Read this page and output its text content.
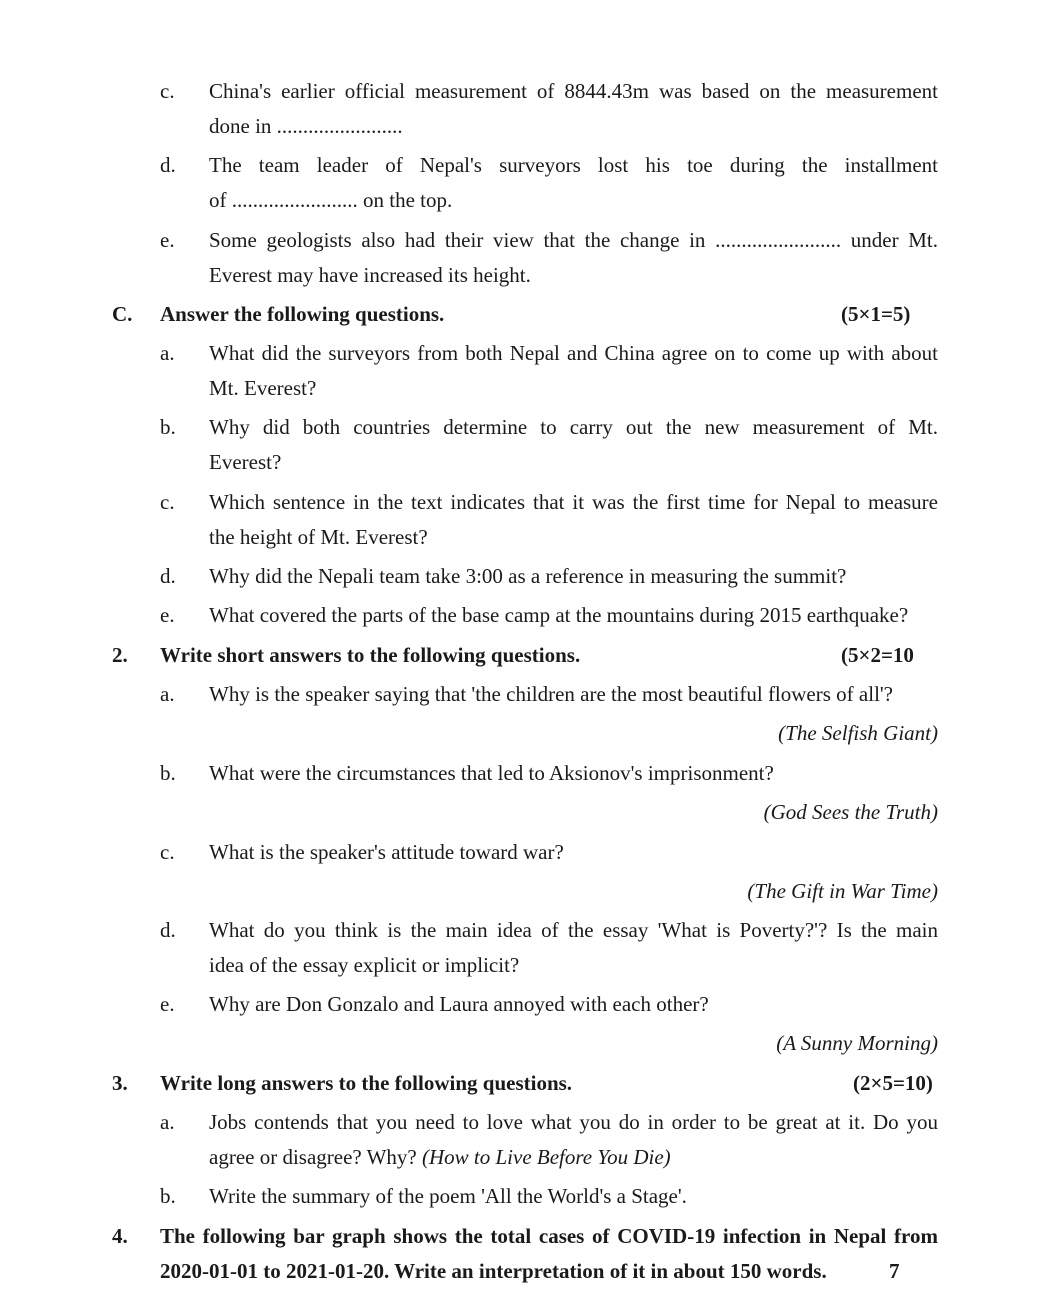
c. China's earlier official measurement of 8844.43m was based on the measurement
done in ........................
d. The team leader of Nepal's surveyors lost his toe during the installment
of ........................ on the top.
e. Some geologists also had their view that the change in ........................ under Mt.
Everest may have increased its height.
C. Answer the following questions.	(5×1=5)
a. What did the surveyors from both Nepal and China agree on to come up with about
Mt. Everest?
b. Why did both countries determine to carry out the new measurement of Mt.
Everest?
c. Which sentence in the text indicates that it was the first time for Nepal to measure
the height of Mt. Everest?
d. Why did the Nepali team take 3:00 as a reference in measuring the summit?
e. What covered the parts of the base camp at the mountains during 2015 earthquake?
2. Write short answers to the following questions.	(5×2=10
a. Why is the speaker saying that 'the children are the most beautiful flowers of all'?
(The Selfish Giant)
b. What were the circumstances that led to Aksionov's imprisonment?
(God Sees the Truth)
c. What is the speaker's attitude toward war?
(The Gift in War Time)
d. What do you think is the main idea of the essay 'What is Poverty?'? Is the main
idea of the essay explicit or implicit?
e. Why are Don Gonzalo and Laura annoyed with each other?
(A Sunny Morning)
3. Write long answers to the following questions.	(2×5=10)
a. Jobs contends that you need to love what you do in order to be great at it. Do you
agree or disagree? Why? (How to Live Before You Die)
b. Write the summary of the poem 'All the World's a Stage'.
4. The following bar graph shows the total cases of COVID-19 infection in Nepal from
2020-01-01 to 2021-01-20. Write an interpretation of it in about 150 words.	7
